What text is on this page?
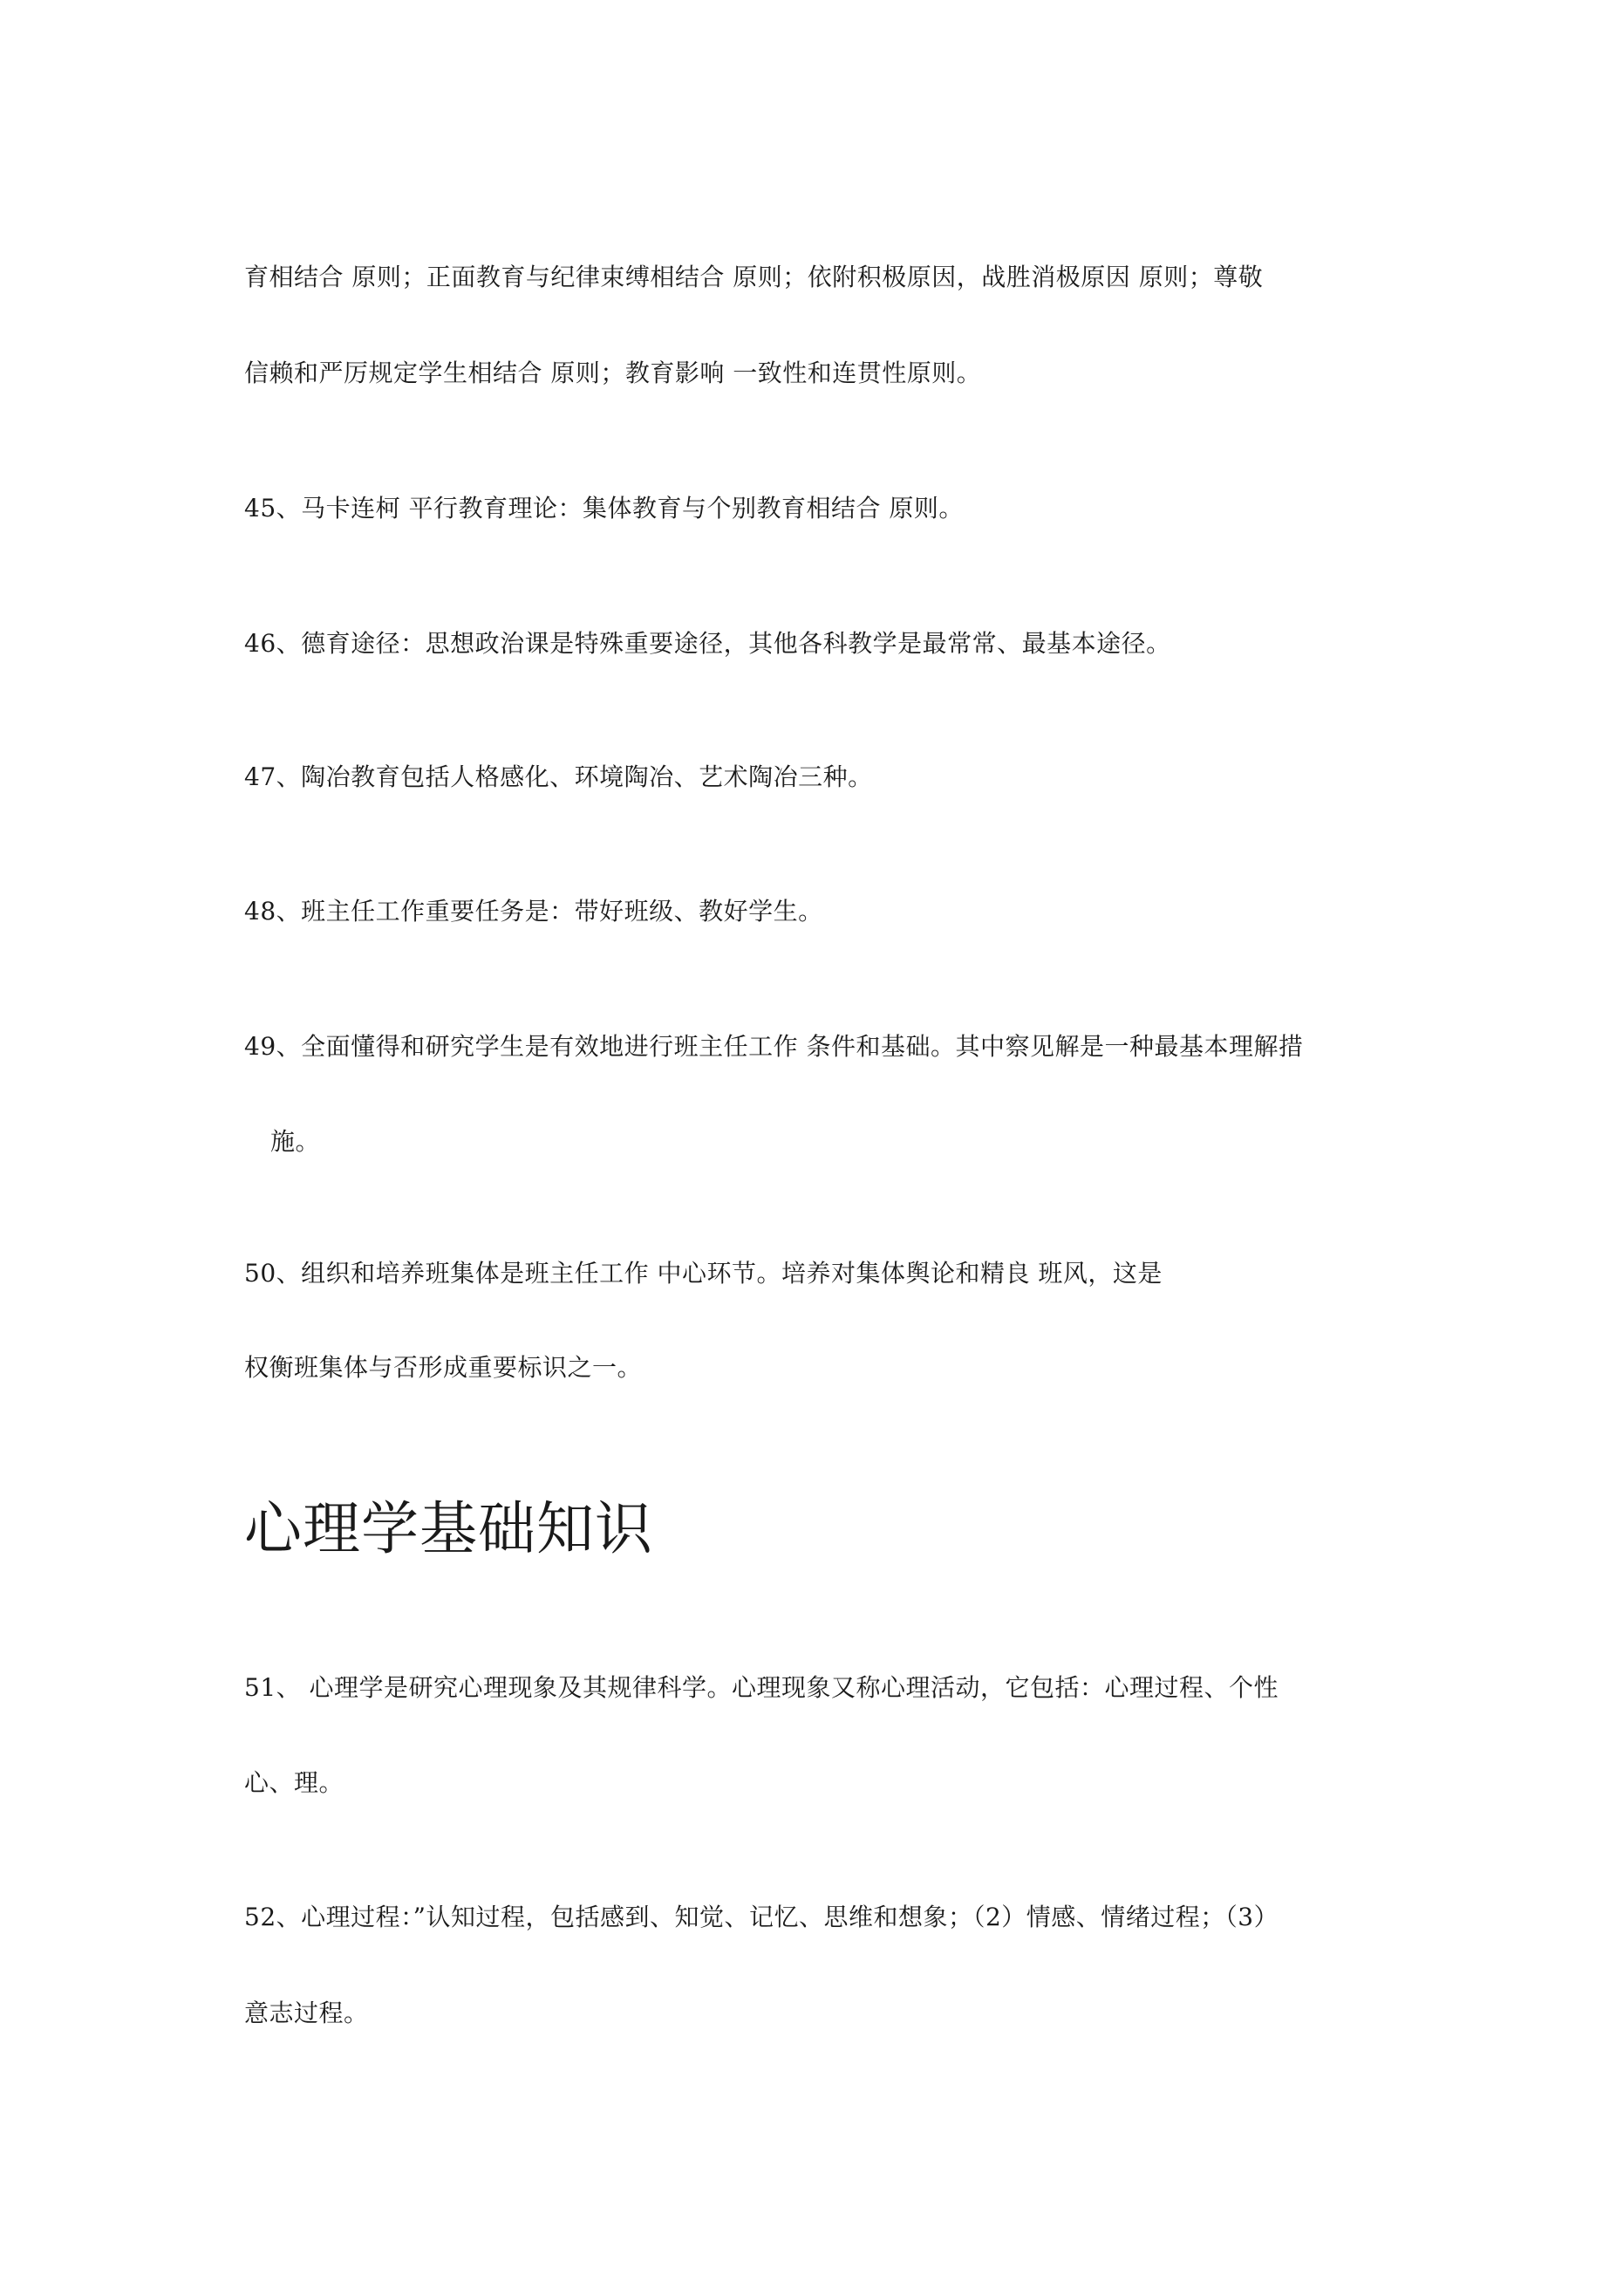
育相结合 原则；正面教育与纪律束缚相结合 原则；依附积极原因，战胜消极原因 原则；尊敬
信赖和严厉规定学生相结合 原则；教育影响 一致性和连贯性原则。
45、马卡连柯 平行教育理论：集体教育与个别教育相结合 原则。
46、德育途径：思想政治课是特殊重要途径，其他各科教学是最常常、最基本途径。
47、陶冶教育包括人格感化、环境陶冶、艺术陶冶三种。
48、班主任工作重要任务是：带好班级、教好学生。
49、全面懂得和研究学生是有效地进行班主任工作 条件和基础。其中察见解是一种最基本理解措
施。
50、组织和培养班集体是班主任工作 中心环节。培养对集体舆论和精良 班风，这是
权衡班集体与否形成重要标识之一。
心理学基础知识
51、 心理学是研究心理现象及其规律科学。心理现象又称心理活动，它包括：心理过程、个性
心、理。
52、心理过程：”认知过程，包括感到、知觉、记忆、思维和想象；（2）情感、情绪过程；（3）
意志过程。
